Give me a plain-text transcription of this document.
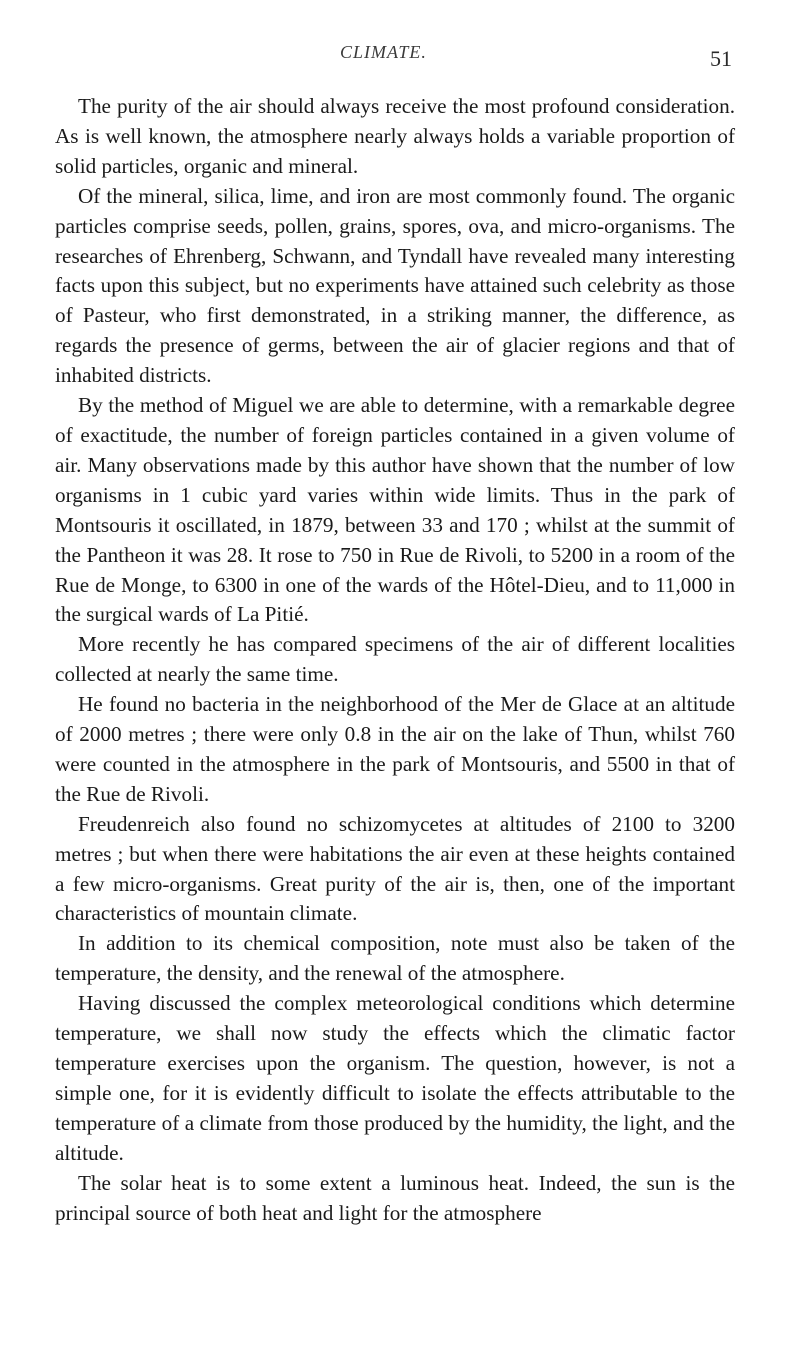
CLIMATE.	51

The purity of the air should always receive the most profound consideration. As is well known, the atmosphere nearly always holds a variable proportion of solid particles, organic and mineral.

Of the mineral, silica, lime, and iron are most commonly found. The organic particles comprise seeds, pollen, grains, spores, ova, and micro-organisms. The researches of Ehrenberg, Schwann, and Tyndall have revealed many interesting facts upon this subject, but no experiments have attained such celebrity as those of Pasteur, who first demonstrated, in a striking manner, the difference, as regards the presence of germs, between the air of glacier regions and that of inhabited districts.

By the method of Miguel we are able to determine, with a remarkable degree of exactitude, the number of foreign particles contained in a given volume of air. Many observations made by this author have shown that the number of low organisms in 1 cubic yard varies within wide limits. Thus in the park of Montsouris it oscillated, in 1879, between 33 and 170 ; whilst at the summit of the Pantheon it was 28. It rose to 750 in Rue de Rivoli, to 5200 in a room of the Rue de Monge, to 6300 in one of the wards of the Hôtel-Dieu, and to 11,000 in the surgical wards of La Pitié.

More recently he has compared specimens of the air of different localities collected at nearly the same time.

He found no bacteria in the neighborhood of the Mer de Glace at an altitude of 2000 metres ; there were only 0.8 in the air on the lake of Thun, whilst 760 were counted in the atmosphere in the park of Montsouris, and 5500 in that of the Rue de Rivoli.

Freudenreich also found no schizomycetes at altitudes of 2100 to 3200 metres ; but when there were habitations the air even at these heights contained a few micro-organisms. Great purity of the air is, then, one of the important characteristics of mountain climate.

In addition to its chemical composition, note must also be taken of the temperature, the density, and the renewal of the atmosphere.

Having discussed the complex meteorological conditions which determine temperature, we shall now study the effects which the climatic factor temperature exercises upon the organism. The question, however, is not a simple one, for it is evidently difficult to isolate the effects attributable to the temperature of a climate from those produced by the humidity, the light, and the altitude.

The solar heat is to some extent a luminous heat. Indeed, the sun is the principal source of both heat and light for the atmosphere
